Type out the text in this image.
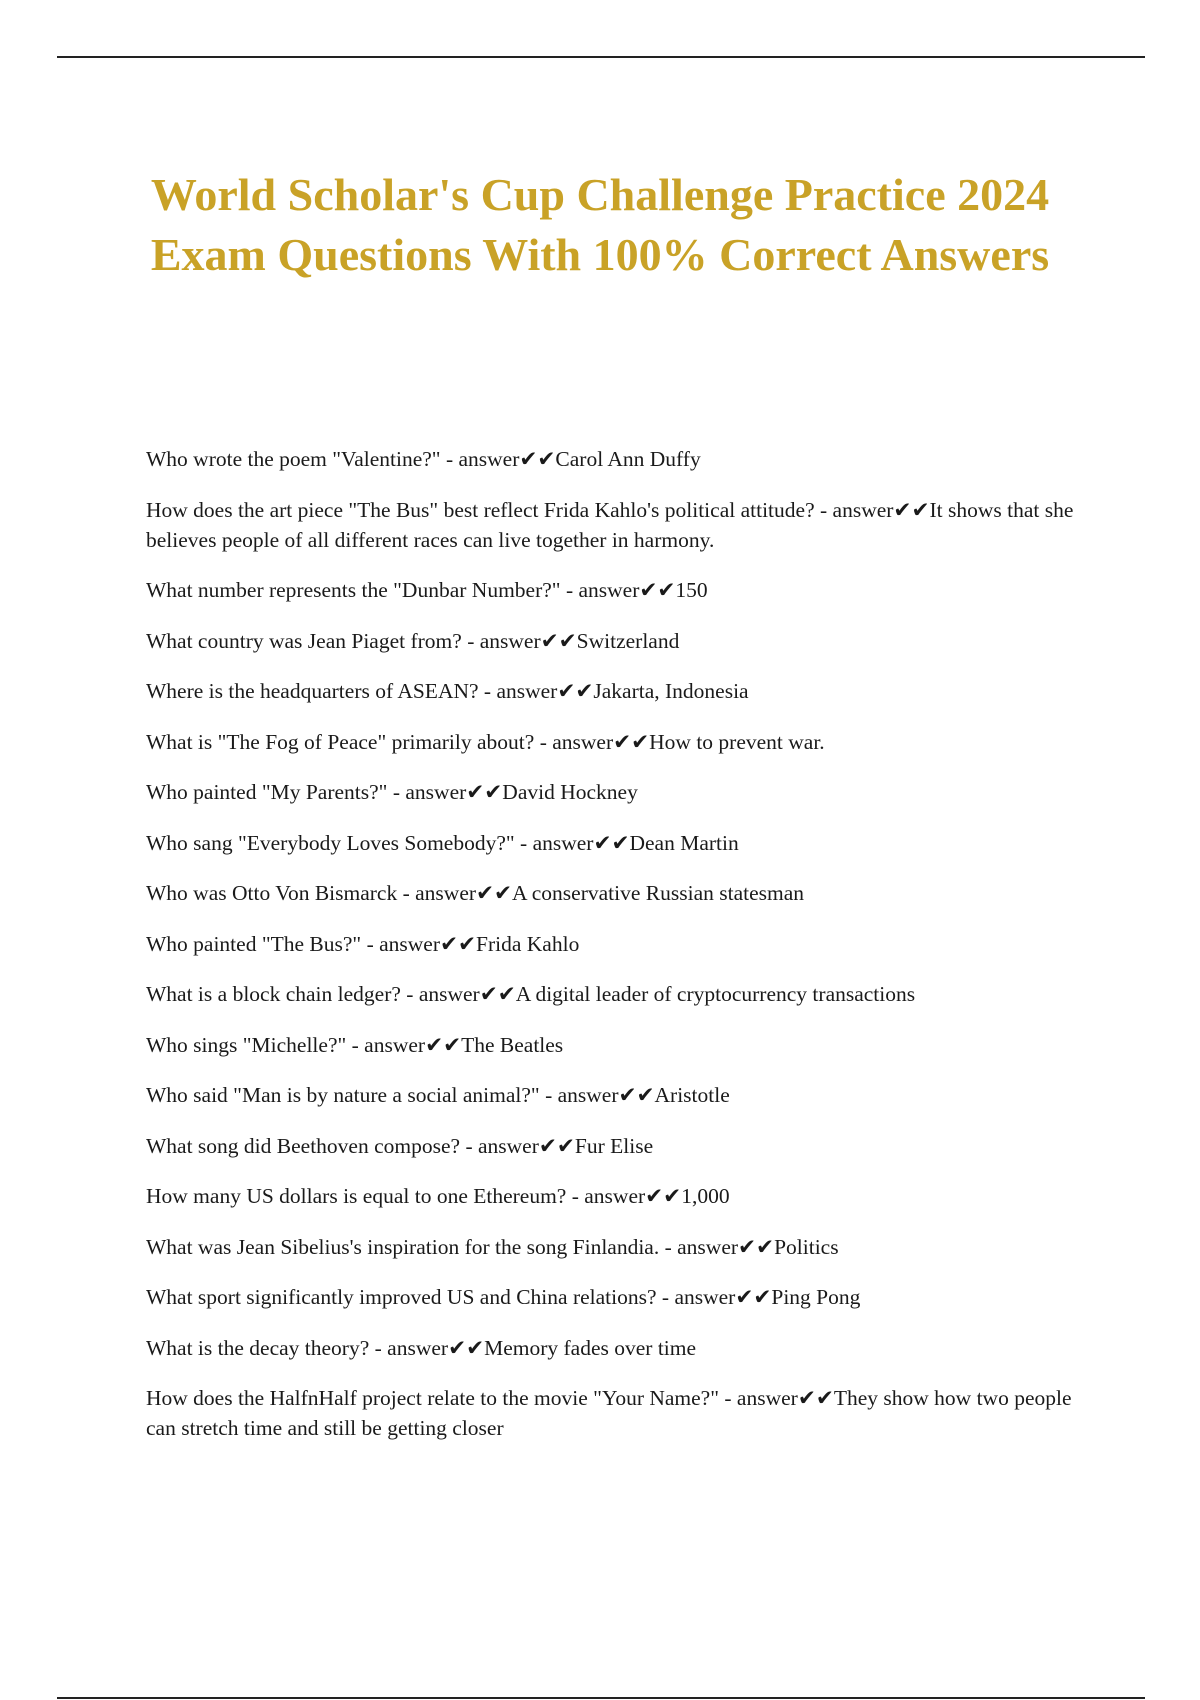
World Scholar's Cup Challenge Practice 2024 Exam Questions With 100% Correct Answers
Who wrote the poem "Valentine?" - answer✔✔Carol Ann Duffy
How does the art piece "The Bus" best reflect Frida Kahlo's political attitude? - answer✔✔It shows that she believes people of all different races can live together in harmony.
What number represents the "Dunbar Number?" - answer✔✔150
What country was Jean Piaget from? - answer✔✔Switzerland
Where is the headquarters of ASEAN? - answer✔✔Jakarta, Indonesia
What is "The Fog of Peace" primarily about? - answer✔✔How to prevent war.
Who painted "My Parents?" - answer✔✔David Hockney
Who sang "Everybody Loves Somebody?" - answer✔✔Dean Martin
Who was Otto Von Bismarck - answer✔✔A conservative Russian statesman
Who painted "The Bus?" - answer✔✔Frida Kahlo
What is a block chain ledger? - answer✔✔A digital leader of cryptocurrency transactions
Who sings "Michelle?" - answer✔✔The Beatles
Who said "Man is by nature a social animal?" - answer✔✔Aristotle
What song did Beethoven compose? - answer✔✔Fur Elise
How many US dollars is equal to one Ethereum? - answer✔✔1,000
What was Jean Sibelius's inspiration for the song Finlandia. - answer✔✔Politics
What sport significantly improved US and China relations? - answer✔✔Ping Pong
What is the decay theory? - answer✔✔Memory fades over time
How does the HalfnHalf project relate to the movie "Your Name?" - answer✔✔They show how two people can stretch time and still be getting closer
